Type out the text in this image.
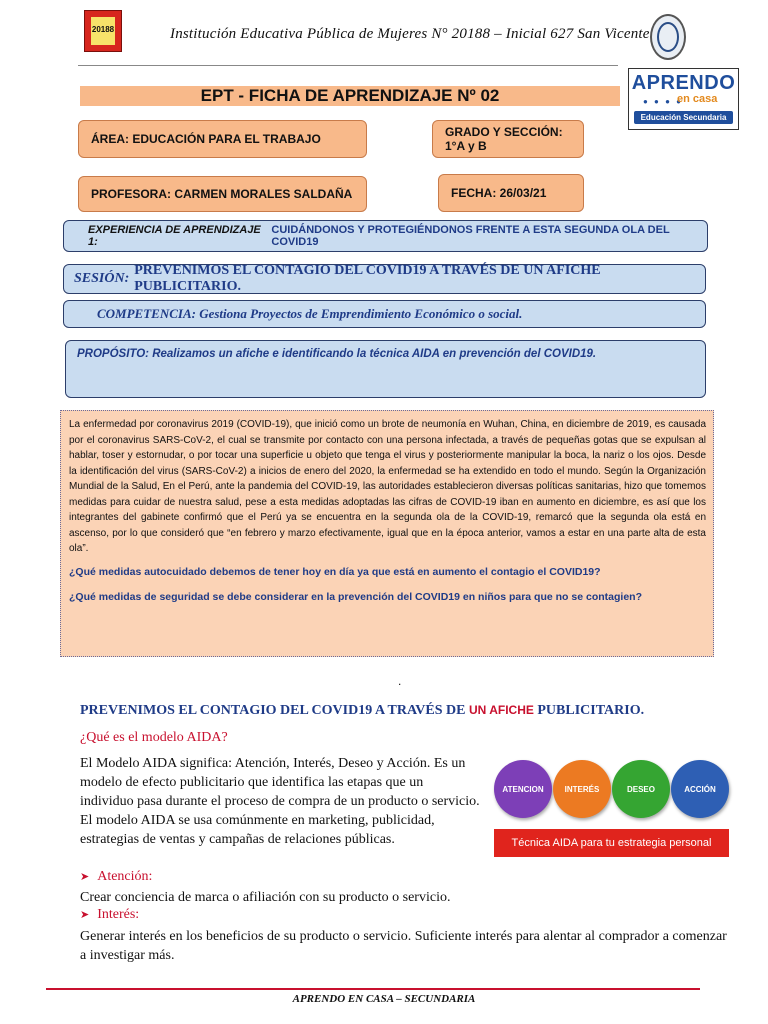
20188	Institución Educativa Pública de Mujeres N° 20188 – Inicial 627 San Vicente
EPT - FICHA DE APRENDIZAJE Nº 02
APRENDO
● ● ● ●
en casa
Educación Secundaria
ÁREA: EDUCACIÓN PARA EL TRABAJO	GRADO Y SECCIÓN: 1°A y B
PROFESORA: CARMEN MORALES SALDAÑA	FECHA: 26/03/21
EXPERIENCIA DE APRENDIZAJE 1:
CUIDÁNDONOS Y PROTEGIÉNDONOS FRENTE A ESTA SEGUNDA OLA DEL COVID19
SESIÓN:
PREVENIMOS EL CONTAGIO DEL COVID19 A TRAVÉS DE UN AFICHE PUBLICITARIO.
COMPETENCIA: Gestiona Proyectos de Emprendimiento Económico o social.
PROPÓSITO: Realizamos un afiche e identificando la técnica AIDA en prevención del COVID19.

La enfermedad por coronavirus 2019 (COVID-19), que inició como un brote de neumonía en Wuhan, China, en diciembre de 2019, es causada por el coronavirus SARS-CoV-2, el cual se transmite por contacto con una persona infectada, a través de pequeñas gotas que se expulsan al hablar, toser y estornudar, o por tocar una superficie u objeto que tenga el virus y posteriormente manipular la boca, la nariz o los ojos. Desde la identificación del virus (SARS-CoV-2) a inicios de enero del 2020, la enfermedad se ha extendido en todo el mundo. Según la Organización Mundial de la Salud, En el Perú, ante la pandemia del COVID-19, las autoridades establecieron diversas políticas sanitarias, hizo que tomemos medidas para cuidar de nuestra salud, pese a esta medidas adoptadas las cifras de COVID-19 iban en aumento en diciembre, es así que los integrantes del gabinete confirmó que el Perú ya se encuentra en la segunda ola de la COVID-19, remarcó que la segunda ola está en ascenso, por lo que consideró que “en febrero y marzo efectivamente, igual que en la época anterior, vamos a estar en una parte alta de esta ola”.

¿Qué medidas autocuidado debemos de tener hoy en día ya que está en aumento el contagio el COVID19?

¿Qué medidas de seguridad se debe considerar en la prevención del COVID19 en niños para que no se contagien?

.
PREVENIMOS EL CONTAGIO DEL COVID19 A TRAVÉS DE UN AFICHE PUBLICITARIO.
¿Qué es el modelo AIDA?
El Modelo AIDA significa: Atención, Interés, Deseo y Acción. Es un modelo de efecto publicitario que identifica las etapas que un individuo pasa durante el proceso de compra de un producto o servicio. El modelo AIDA se usa comúnmente en marketing, publicidad, estrategias de ventas y campañas de relaciones públicas.
ATENCION	INTERÉS	DESEO	ACCIÓN
Técnica AIDA para tu estrategia personal
➤ Atención:
Crear conciencia de marca o afiliación con su producto o servicio.
➤ Interés:
Generar interés en los beneficios de su producto o servicio. Suficiente interés para alentar al comprador a comenzar a investigar más.
APRENDO EN CASA – SECUNDARIA
